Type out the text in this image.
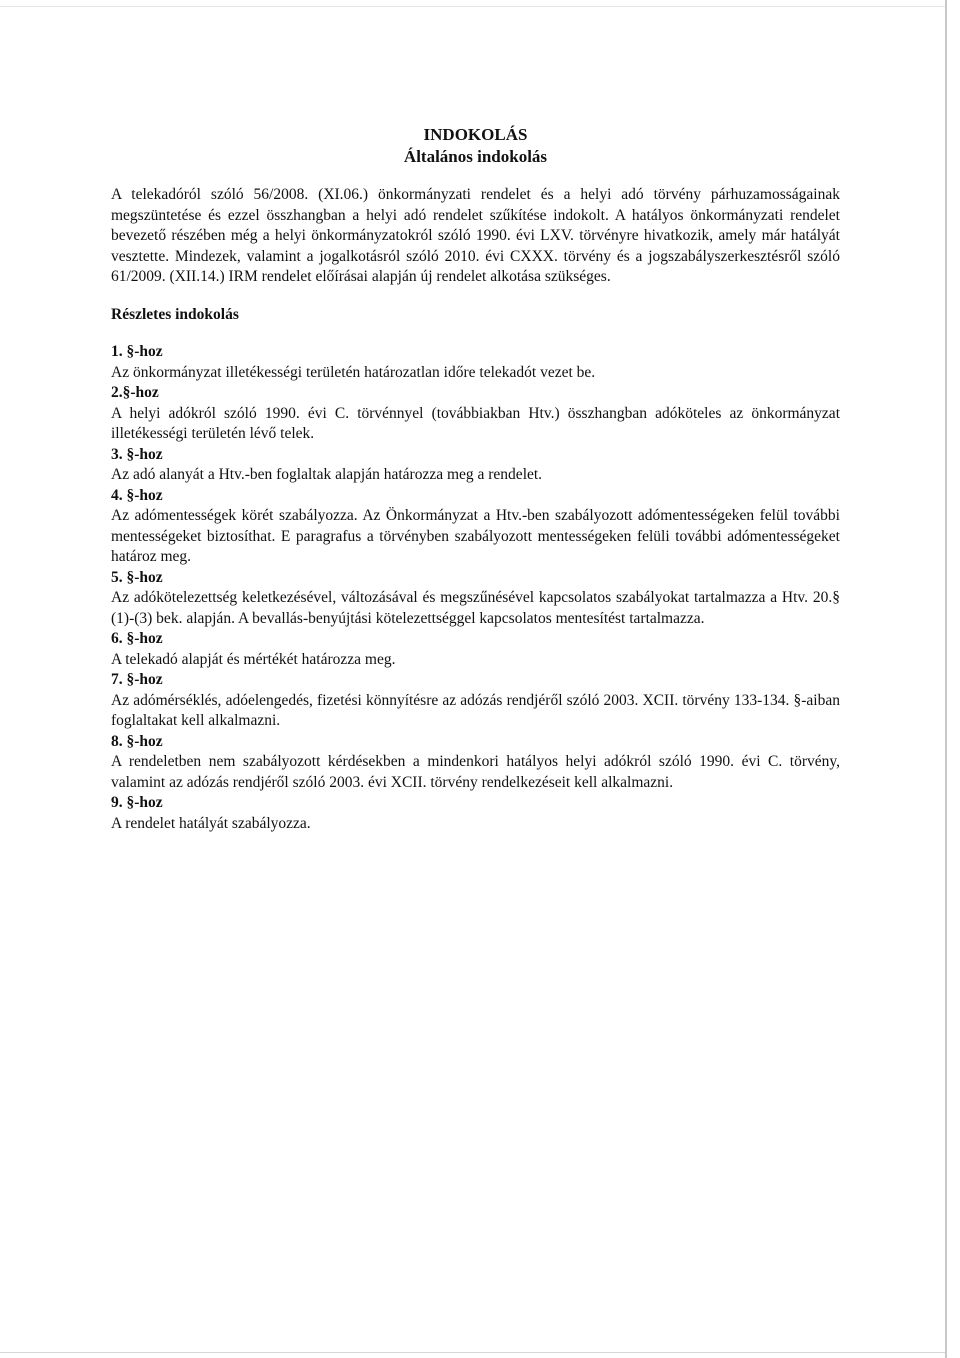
INDOKOLÁS

Általános indokolás

A telekadóról szóló 56/2008. (XI.06.) önkormányzati rendelet és a helyi adó törvény párhuzamosságainak megszüntetése és ezzel összhangban a helyi adó rendelet szűkítése indokolt. A hatályos önkormányzati rendelet bevezető részében még a helyi önkormányzatokról szóló 1990. évi LXV. törvényre hivatkozik, amely már hatályát vesztette. Mindezek, valamint a jogalkotásról szóló 2010. évi CXXX. törvény és a jogszabályszerkesztésről szóló 61/2009. (XII.14.) IRM rendelet előírásai alapján új rendelet alkotása szükséges.

Részletes indokolás

1. §-hoz

Az önkormányzat illetékességi területén határozatlan időre telekadót vezet be.

2.§-hoz

A helyi adókról szóló 1990. évi C. törvénnyel (továbbiakban Htv.) összhangban adóköteles az önkormányzat illetékességi területén lévő telek.

3. §-hoz

Az adó alanyát a Htv.-ben foglaltak alapján határozza meg a rendelet.

4. §-hoz

Az adómentességek körét szabályozza. Az Önkormányzat a Htv.-ben szabályozott adómentességeken felül további mentességeket biztosíthat. E paragrafus a törvényben szabályozott mentességeken felüli további adómentességeket határoz meg.

5. §-hoz

Az adókötelezettség keletkezésével, változásával és megszűnésével kapcsolatos szabályokat tartalmazza a Htv. 20.§ (1)-(3) bek. alapján. A bevallás-benyújtási kötelezettséggel kapcsolatos mentesítést tartalmazza.

6. §-hoz

A telekadó alapját és mértékét határozza meg.

7. §-hoz

Az adómérséklés, adóelengedés, fizetési könnyítésre az adózás rendjéről szóló 2003. XCII. törvény 133-134. §-aiban foglaltakat kell alkalmazni.

8. §-hoz

A rendeletben nem szabályozott kérdésekben a mindenkori hatályos helyi adókról szóló 1990. évi C. törvény, valamint az adózás rendjéről szóló 2003. évi XCII. törvény rendelkezéseit kell alkalmazni.

9. §-hoz

A rendelet hatályát szabályozza.
